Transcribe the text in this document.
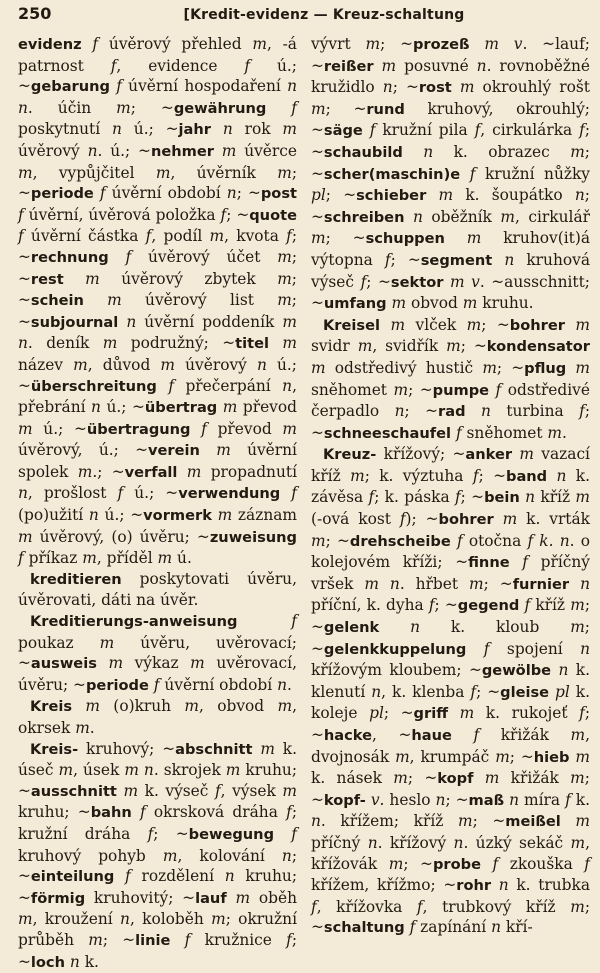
250	[Kredit-evidenz — Kreuz-schaltung

evidenz f úvěrový přehled m, -á patrnost f, evidence f ú.; ~gebarung f úvěrní hospodaření n n. účin m; ~gewährung f poskytnutí n ú.; ~jahr n rok m úvěrový n. ú.; ~nehmer m úvěrce m, vypůjčitel m, úvěrník m; ~periode f úvěrní období n; ~post f úvěrní, úvěrová položka f; ~quote f úvěrní částka f, podíl m, kvota f; ~rechnung f úvěrový účet m; ~rest m úvěrový zbytek m; ~schein m úvěrový list m; ~subjournal n úvěrní poddeník m n. deník m podružný; ~titel m název m, důvod m úvěrový n ú.; ~überschreitung f přečerpání n, přebrání n ú.; ~übertrag m převod m ú.; ~übertragung f převod m úvěrový, ú.; ~verein m úvěrní spolek m.; ~verfall m propadnutí n, prošlost f ú.; ~verwendung f (po)užití n ú.; ~vormerk m záznam m úvěrový, (o) úvěru; ~zuweisung f příkaz m, příděl m ú.

kreditieren poskytovati úvěru, úvěrovati, dáti na úvěr.

Kreditierungs-anweisung f poukaz m úvěru, uvěrovací; ~ausweis m výkaz m uvěrovací, úvěru; ~periode f úvěrní období n.

Kreis m (o)kruh m, obvod m, okrsek m.

Kreis- kruhový; ~abschnitt m k. úseč m, úsek m n. skrojek m kruhu; ~ausschnitt m k. výseč f, výsek m kruhu; ~bahn f okrsková dráha f; kružní dráha f; ~bewegung f kruhový pohyb m, kolování n; ~einteilung f rozdělení n kruhu; ~förmig kruhovitý; ~lauf m oběh m, kroužení n, koloběh m; okružní průběh m; ~linie f kružnice f; ~loch n k.

vývrt m; ~prozeß m v. ~lauf; ~reißer m posuvné n. rovnoběžné kružidlo n; ~rost m okrouhlý rošt m; ~rund kruhový, okrouhlý; ~säge f kružní pila f, cirkulárka f; ~schaubild n k. obrazec m; ~scher(maschin)e f kružní nůžky pl; ~schieber m k. šoupátko n; ~schreiben n oběžník m, cirkulář m; ~schuppen m kruhov(it)á výtopna f; ~segment n kruhová výseč f; ~sektor m v. ~ausschnitt; ~umfang m obvod m kruhu.

Kreisel m vlček m; ~bohrer m svidr m, svidřík m; ~kondensator m odstředivý hustič m; ~pflug m sněhomet m; ~pumpe f odstředivé čerpadlo n; ~rad n turbina f; ~schneeschaufel f sněhomet m.

Kreuz- křížový; ~anker m vazací kříž m; k. výztuha f; ~band n k. závěsa f; k. páska f; ~bein n kříž m (-ová kost f); ~bohrer m k. vrták m; ~drehscheibe f otočna f k. n. o kolejovém kříži; ~finne f příčný vršek m n. hřbet m; ~furnier n příční, k. dyha f; ~gegend f kříž m; ~gelenk n k. kloub m; ~gelenkkuppelung f spojení n křížovým kloubem; ~gewölbe n k. klenutí n, k. klenba f; ~gleise pl k. koleje pl; ~griff m k. rukojeť f; ~hacke, ~haue f křižák m, dvojnosák m, krumpáč m; ~hieb m k. násek m; ~kopf m křižák m; ~kopf- v. heslo n; ~maß n míra f k. n. křížem; kříž m; ~meißel m příčný n. křížový n. úzký sekáč m, křížovák m; ~probe f zkouška f křížem, křížmo; ~rohr n k. trubka f, křížovka f, trubkový kříž m; ~schaltung f zapínání n kří-
